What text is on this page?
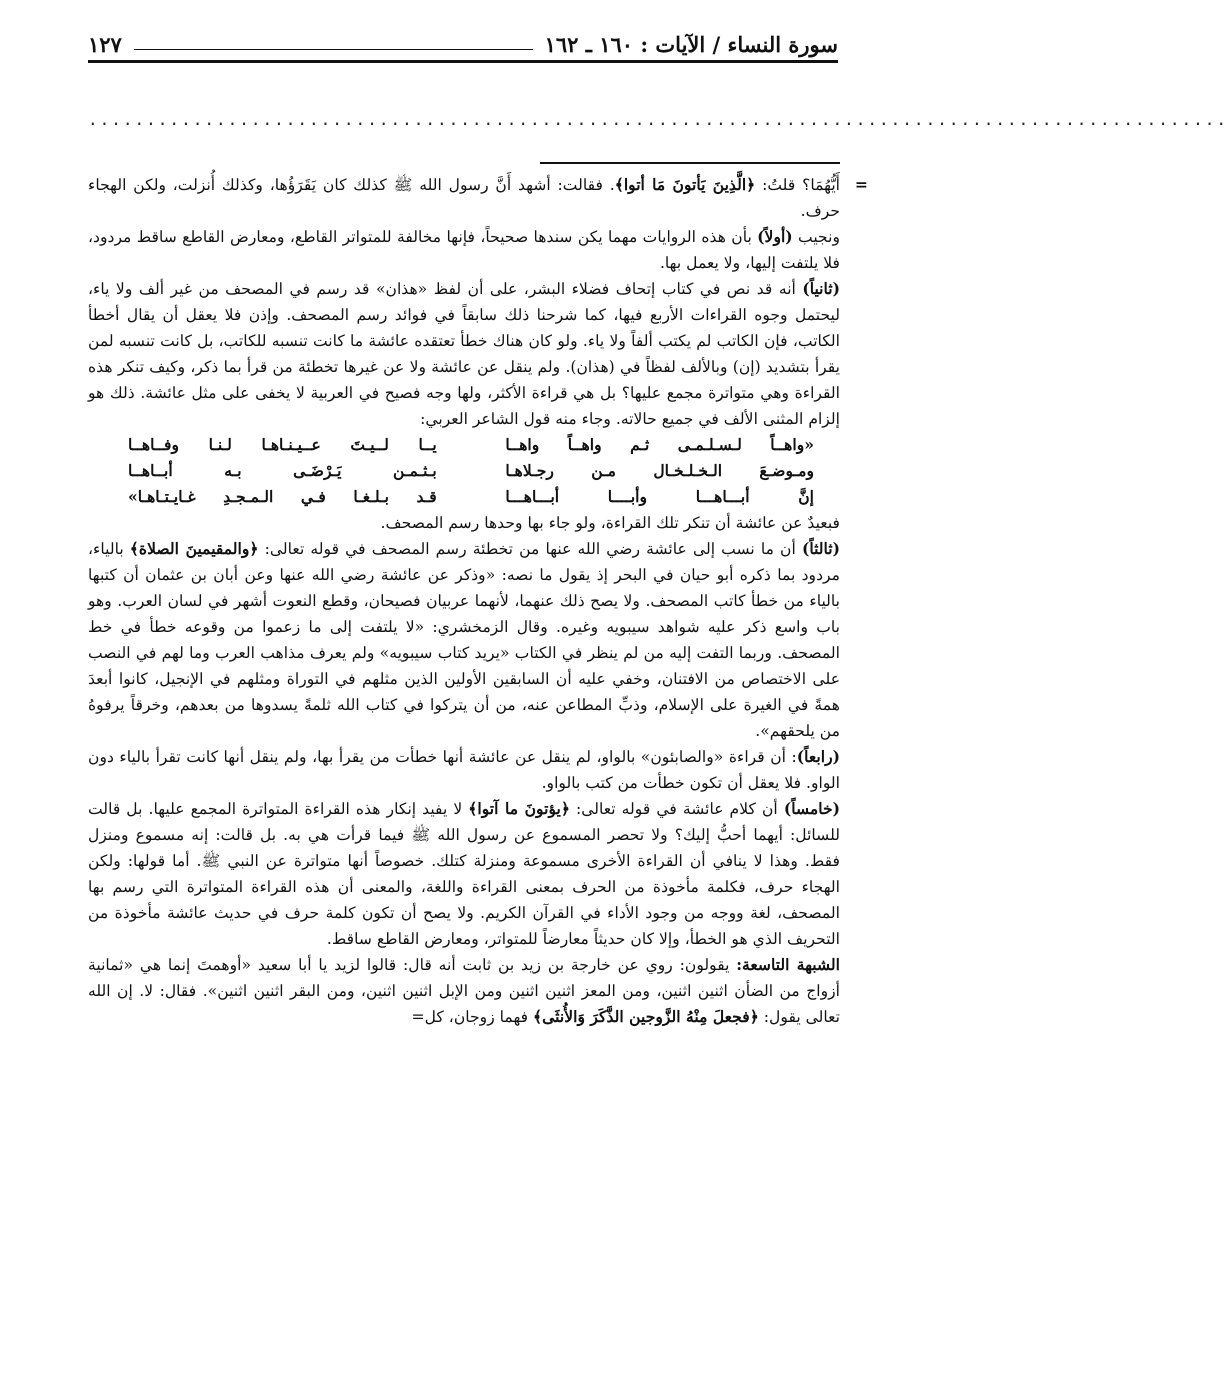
سورة النساء / الآيات : ١٦٠ ـ ١٦٢
١٢٧
..................................................................................................
=

أَيُّهُمَا؟ قلتُ: ﴿الَّذِينَ يَأتونَ مَا أتوا﴾. فقالت: أشهد أَنَّ رسول الله ﷺ كذلك كان يَقَرَؤُها، وكذلك أُنزلت، ولكن الهجاء حرف.

ونجيب (أولاً) بأن هذه الروايات مهما يكن سندها صحيحاً، فإنها مخالفة للمتواتر القاطع، ومعارض القاطع ساقط مردود، فلا يلتفت إليها، ولا يعمل بها.

(ثانياً) أنه قد نص في كتاب إتحاف فضلاء البشر، على أن لفظ «هذان» قد رسم في المصحف من غير ألف ولا ياء، ليحتمل وجوه القراءات الأربع فيها، كما شرحنا ذلك سابقاً في فوائد رسم المصحف. وإذن فلا يعقل أن يقال أخطأ الكاتب، فإن الكاتب لم يكتب ألفاً ولا ياء. ولو كان هناك خطأ تعتقده عائشة ما كانت تنسبه للكاتب، بل كانت تنسبه لمن يقرأ بتشديد (إن) وبالألف لفظاً في (هذان). ولم ينقل عن عائشة ولا عن غيرها تخطئة من قرأ بما ذكر، وكيف تنكر هذه القراءة وهي متواترة مجمع عليها؟ بل هي قراءة الأكثر، ولها وجه فصيح في العربية لا يخفى على مثل عائشة. ذلك هو إلزام المثنى الألف في جميع حالاته. وجاء منه قول الشاعر العربي:

«واهــاً لـسـلـمـى ثـم واهــاً واهــا
يــا لــيـتَ عــيـنـاهـا لـنـا وفــاهــا
ومـوضـعَ الـخـلـخـال مـن رجـلاهـا
بـثـمـن يَـرْضَـى بـه أبــاهــا
إنَّ أبـــاهـــا وأبــــا أبـــاهـــا
قـد بـلـغـا فـي الـمـجـدِ غـايـتـاهـا»

فبعيدٌ عن عائشة أن تنكر تلك القراءة، ولو جاء بها وحدها رسم المصحف.

(ثالثاً) أن ما نسب إلى عائشة رضي الله عنها من تخطئة رسم المصحف في قوله تعالى: ﴿والمقيمينَ الصلاة﴾ بالياء، مردود بما ذكره أبو حيان في البحر إذ يقول ما نصه: «وذكر عن عائشة رضي الله عنها وعن أبان بن عثمان أن كتبها بالياء من خطأ كاتب المصحف. ولا يصح ذلك عنهما، لأنهما عربيان فصيحان، وقطع النعوت أشهر في لسان العرب. وهو باب واسع ذكر عليه شواهد سيبويه وغيره. وقال الزمخشري: «لا يلتفت إلى ما زعموا من وقوعه خطأ في خط المصحف. وربما التفت إليه من لم ينظر في الكتاب «يريد كتاب سيبويه» ولم يعرف مذاهب العرب وما لهم في النصب على الاختصاص من الافتنان، وخفي عليه أن السابقين الأولين الذين مثلهم في التوراة ومثلهم في الإنجيل، كانوا أبعدَ همةً في الغيرة على الإسلام، وذبِّ المطاعن عنه، من أن يتركوا في كتاب الله ثلمةً يسدوها من بعدهم، وخرقاً يرفوهُ من يلحقهم».

(رابعاً): أن قراءة «والصابئون» بالواو، لم ينقل عن عائشة أنها خطأت من يقرأ بها، ولم ينقل أنها كانت تقرأ بالياء دون الواو. فلا يعقل أن تكون خطأت من كتب بالواو.

(خامساً) أن كلام عائشة في قوله تعالى: ﴿يؤتونَ ما آتوا﴾ لا يفيد إنكار هذه القراءة المتواترة المجمع عليها. بل قالت للسائل: أيهما أحبُّ إليك؟ ولا تحصر المسموع عن رسول الله ﷺ فيما قرأت هي به. بل قالت: إنه مسموع ومنزل فقط. وهذا لا ينافي أن القراءة الأخرى مسموعة ومنزلة كتلك. خصوصاً أنها متواترة عن النبي ﷺ. أما قولها: ولكن الهجاء حرف، فكلمة مأخوذة من الحرف بمعنى القراءة واللغة، والمعنى أن هذه القراءة المتواترة التي رسم بها المصحف، لغة ووجه من وجود الأداء في القرآن الكريم. ولا يصح أن تكون كلمة حرف في حديث عائشة مأخوذة من التحريف الذي هو الخطأ، وإلا كان حديثاً معارضاً للمتواتر، ومعارض القاطع ساقط.

الشبهة التاسعة: يقولون: روي عن خارجة بن زيد بن ثابت أنه قال: قالوا لزيد يا أبا سعيد «أوهمتَ إنما هي «ثمانية أزواج من الضأن اثنين اثنين، ومن المعز اثنين اثنين ومن الإبل اثنين اثنين، ومن البقر اثنين اثنين». فقال: لا. إن الله تعالى يقول: ﴿فجعلَ مِنْهُ الزَّوجين الذَّكَرَ وَالأُنثَى﴾ فهما زوجان، كل=
